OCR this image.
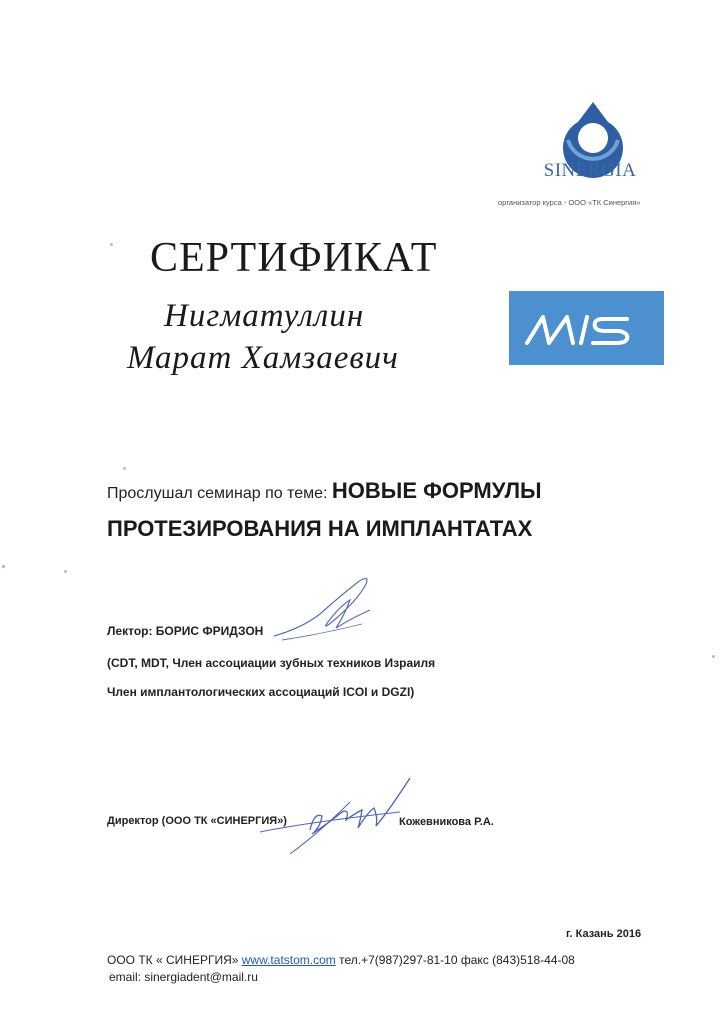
SINERGIA
организатор курса - ООО «ТК Синергия»
СЕРТИФИКАТ
Нигматуллин
Марат Хамзаевич
Прослушал семинар по теме: НОВЫЕ ФОРМУЛЫ
ПРОТЕЗИРОВАНИЯ НА ИМПЛАНТАТАХ
Лектор: БОРИС ФРИДЗОН
(CDT, MDT, Член ассоциации зубных техников Израиля
Член имплантологических ассоциаций ICOI и DGZI)
Директор (ООО ТК «СИНЕРГИЯ»)	Кожевникова Р.А.
г. Казань 2016
ООО ТК « СИНЕРГИЯ» www.tatstom.com тел.+7(987)297-81-10 факс (843)518-44-08
email: sinergiadent@mail.ru
